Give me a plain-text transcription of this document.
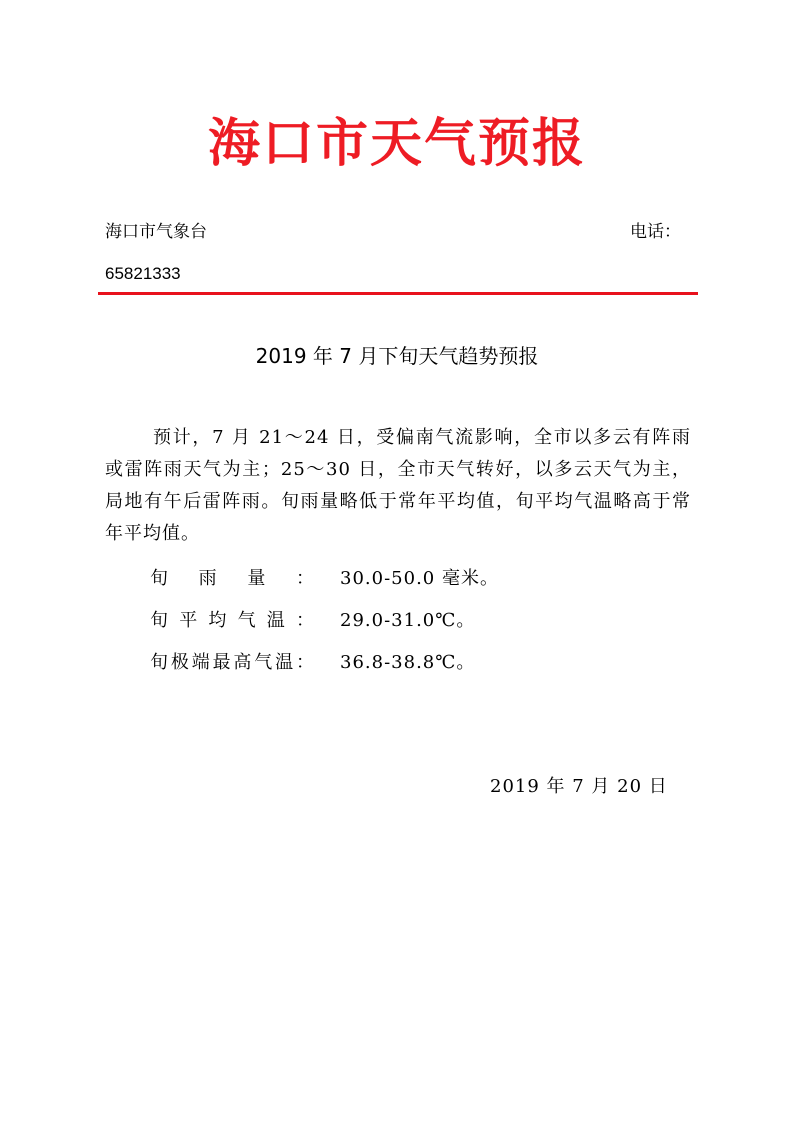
海口市天气预报
海口市气象台	电话：
65821333
2019 年 7 月下旬天气趋势预报
预计，7 月 21～24 日，受偏南气流影响，全市以多云有阵雨或雷阵雨天气为主；25～30 日，全市天气转好，以多云天气为主，局地有午后雷阵雨。旬雨量略低于常年平均值，旬平均气温略高于常年平均值。
旬雨量： 30.0-50.0 毫米。
旬平均气温： 29.0-31.0℃。
旬极端最高气温： 36.8-38.8℃。
2019 年 7 月 20 日
